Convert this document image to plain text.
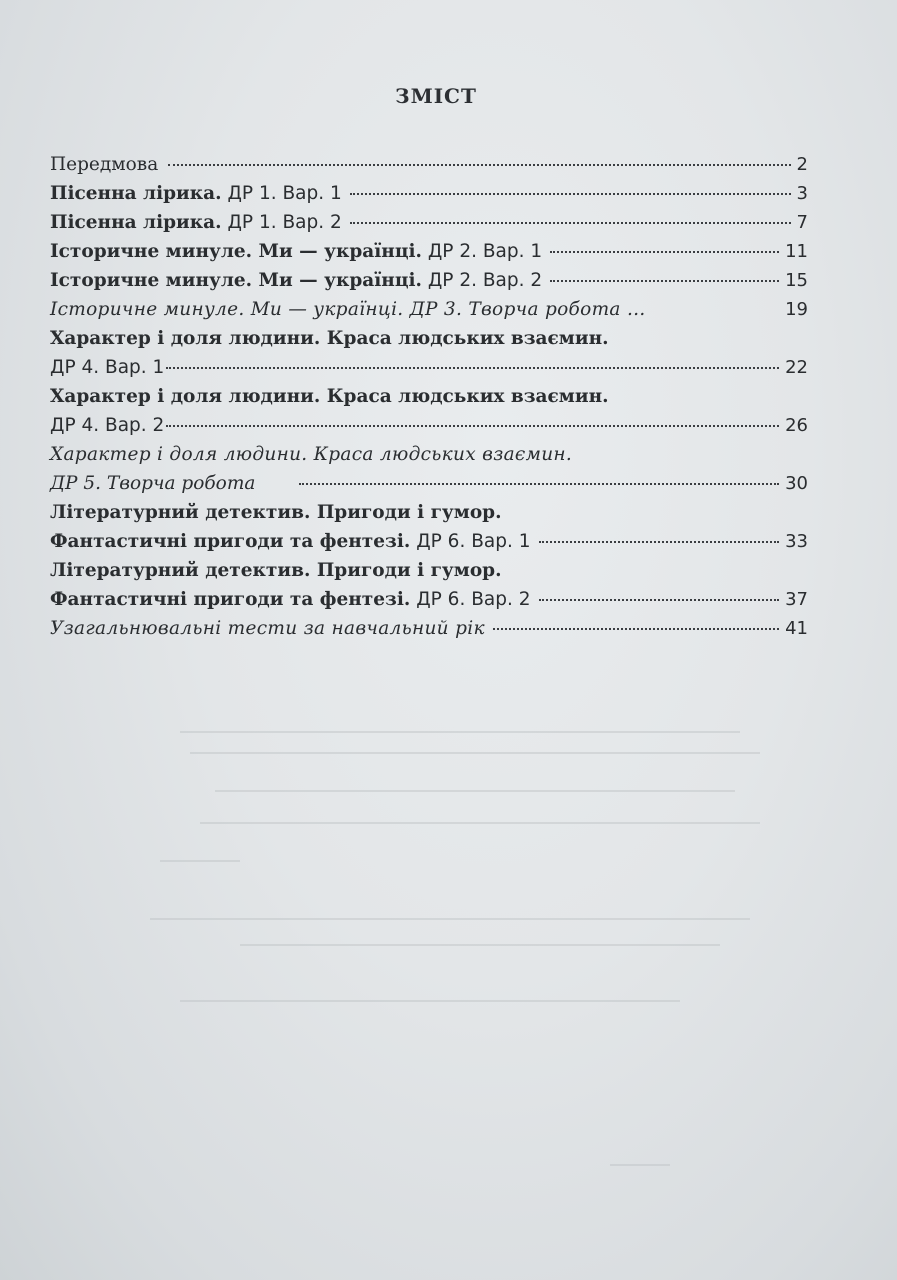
ЗМІСТ
Передмова	2
Пісенна лірика. ДР 1. Вар. 1	3
Пісенна лірика. ДР 1. Вар. 2	7
Історичне минуле. Ми — українці. ДР 2. Вар. 1	11
Історичне минуле. Ми — українці. ДР 2. Вар. 2	15
Історичне минуле. Ми — українці. ДР 3. Творча робота …	19
Характер і доля людини. Краса людських взаємин.
ДР 4. Вар. 1	22
Характер і доля людини. Краса людських взаємин.
ДР 4. Вар. 2	26
Характер і доля людини. Краса людських взаємин.
ДР 5. Творча робота	30
Літературний детектив. Пригоди і гумор.
Фантастичні пригоди та фентезі. ДР 6. Вар. 1	33
Літературний детектив. Пригоди і гумор.
Фантастичні пригоди та фентезі. ДР 6. Вар. 2	37
Узагальнювальні тести за навчальний рік	41
